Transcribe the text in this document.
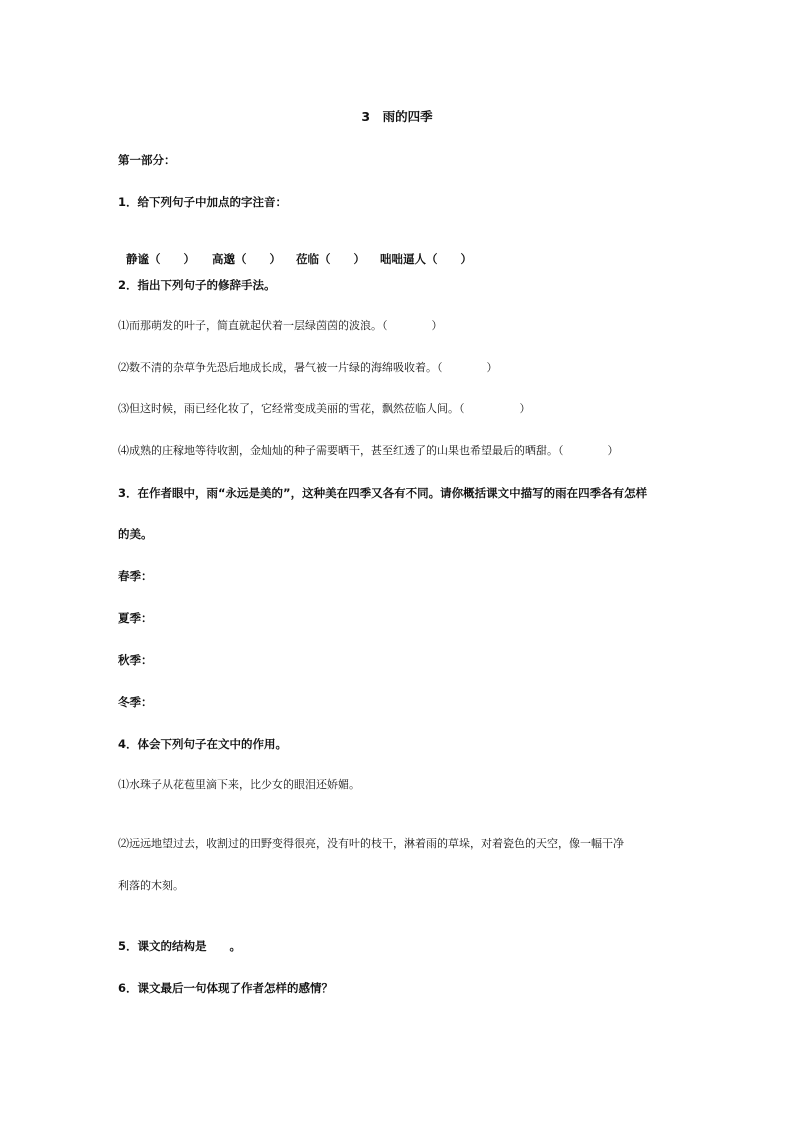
3　雨的四季
第一部分：
1．给下列句子中加点的字注音：

静谧（　　） 高邈（　　） 莅临（　　） 咄咄逼人（　　）

2．指出下列句子的修辞手法。
⑴而那萌发的叶子，简直就起伏着一层绿茵茵的波浪。（　　　　）
⑵数不清的杂草争先恐后地成长成，暑气被一片绿的海绵吸收着。（　　　　）
⑶但这时候，雨已经化妆了，它经常变成美丽的雪花，飘然莅临人间。（　　　　　）
⑷成熟的庄稼地等待收割，金灿灿的种子需要晒干，甚至红透了的山果也希望最后的晒甜。（　　　　）
3．在作者眼中，雨“永远是美的”，这种美在四季又各有不同。请你概括课文中描写的雨在四季各有怎样
的美。
春季：
夏季：
秋季：
冬季：
4．体会下列句子在文中的作用。
⑴水珠子从花苞里滴下来，比少女的眼泪还娇媚。
⑵远远地望过去，收割过的田野变得很亮，没有叶的枝干，淋着雨的草垛，对着瓷色的天空，像一幅干净
利落的木刻。
5．课文的结构是　　。
6．课文最后一句体现了作者怎样的感情？
